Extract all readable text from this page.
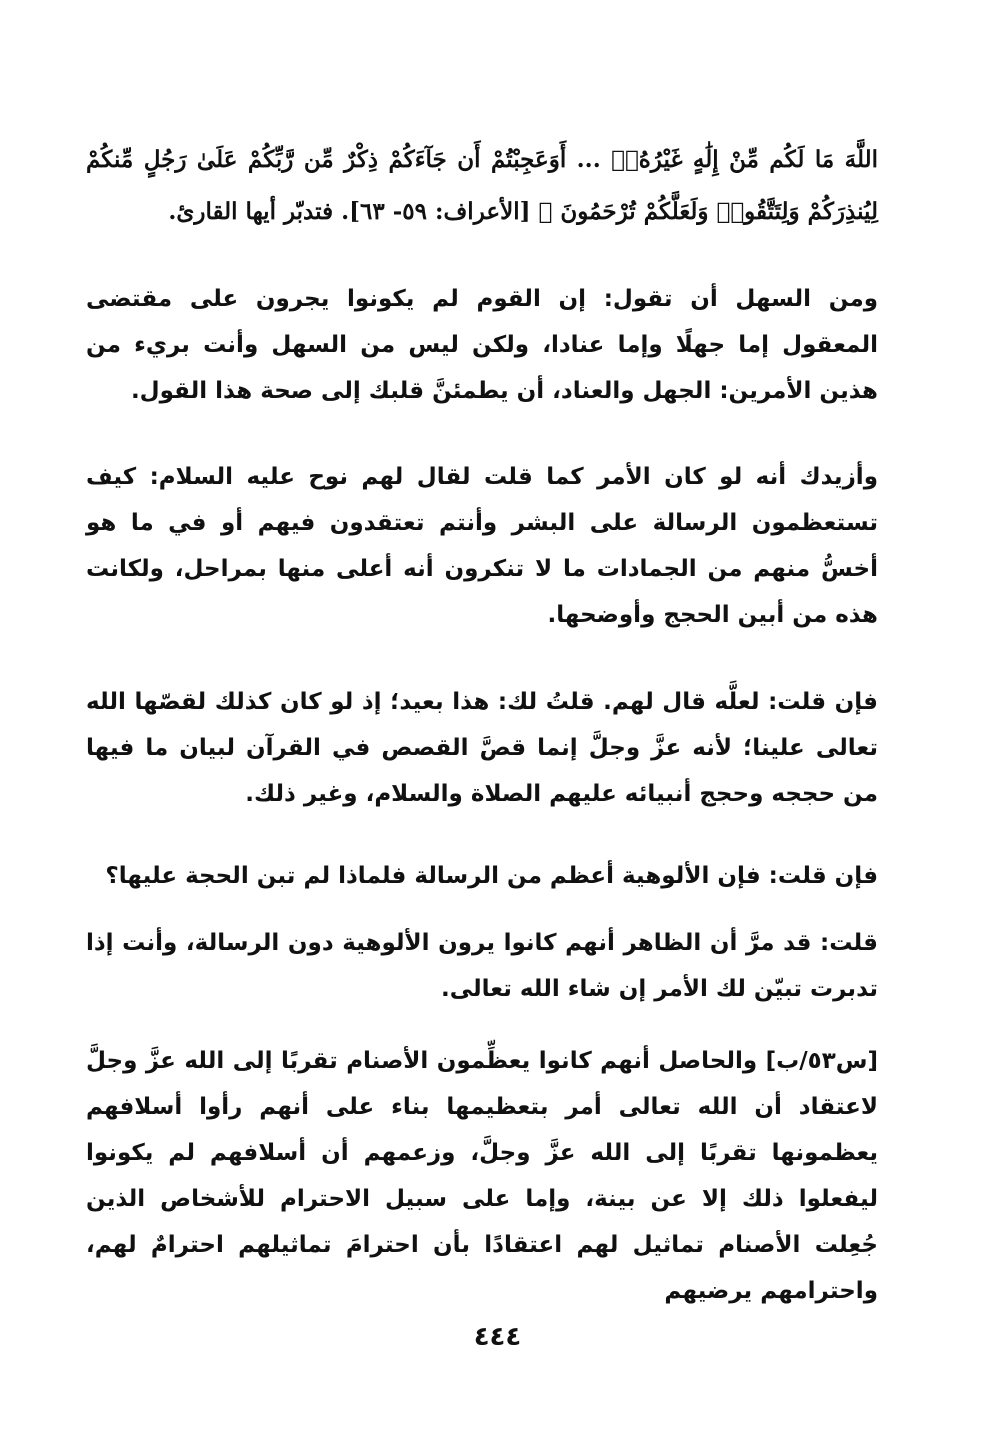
اللَّهَ مَا لَكُم مِّنْ إِلَٰهٍ غَيْرُهُۥٓ ... أَوَعَجِبْتُمْ أَن جَآءَكُمْ ذِكْرٌ مِّن رَّبِّكُمْ عَلَىٰ رَجُلٍ مِّنكُمْ لِيُنذِرَكُمْ وَلِتَتَّقُوا۟ وَلَعَلَّكُمْ تُرْحَمُونَ ﴾ [الأعراف: ٥٩- ٦٣]. فتدبّر أيها القارئ.

ومن السهل أن تقول: إن القوم لم يكونوا يجرون على مقتضى المعقول إما جهلًا وإما عنادا، ولكن ليس من السهل وأنت بريء من هذين الأمرين: الجهل والعناد، أن يطمئنَّ قلبك إلى صحة هذا القول.

وأزيدك أنه لو كان الأمر كما قلت لقال لهم نوح عليه السلام: كيف تستعظمون الرسالة على البشر وأنتم تعتقدون فيهم أو في ما هو أخسُّ منهم من الجمادات ما لا تنكرون أنه أعلى منها بمراحل، ولكانت هذه من أبين الحجج وأوضحها.

فإن قلت: لعلَّه قال لهم. قلتُ لك: هذا بعيد؛ إذ لو كان كذلك لقصّها الله تعالى علينا؛ لأنه عزَّ وجلَّ إنما قصَّ القصص في القرآن لبيان ما فيها من حججه وحجج أنبيائه عليهم الصلاة والسلام، وغير ذلك.

فإن قلت: فإن الألوهية أعظم من الرسالة فلماذا لم تبن الحجة عليها؟

قلت: قد مرَّ أن الظاهر أنهم كانوا يرون الألوهية دون الرسالة، وأنت إذا تدبرت تبيّن لك الأمر إن شاء الله تعالى.

[س٥٣/ب] والحاصل أنهم كانوا يعظِّمون الأصنام تقربًا إلى الله عزَّ وجلَّ لاعتقاد أن الله تعالى أمر بتعظيمها بناء على أنهم رأوا أسلافهم يعظمونها تقربًا إلى الله عزَّ وجلَّ، وزعمهم أن أسلافهم لم يكونوا ليفعلوا ذلك إلا عن بينة، وإما على سبيل الاحترام للأشخاص الذين جُعِلت الأصنام تماثيل لهم اعتقادًا بأن احترامَ تماثيلهم احترامٌ لهم، واحترامهم يرضيهم

٤٤٤
